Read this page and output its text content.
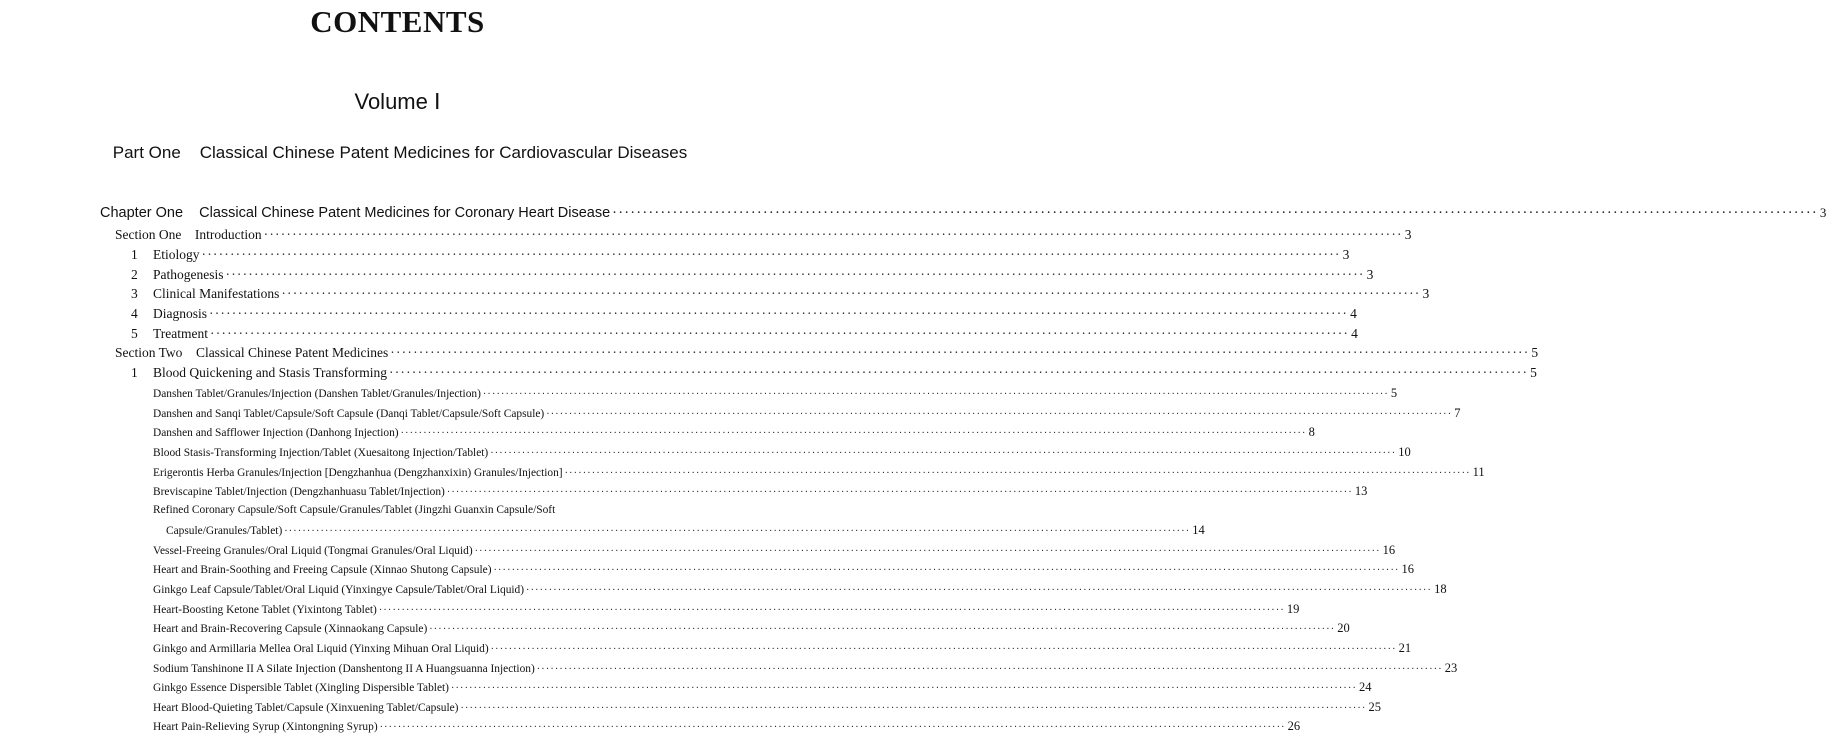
CONTENTS
Volume Ⅰ
Part One Classical Chinese Patent Medicines for Cardiovascular Diseases
Chapter One Classical Chinese Patent Medicines for Coronary Heart Disease ········································································································································································································ 3
Section One Introduction ········································································································································································································ 3
1 Etiology ········································································································································································································ 3
2 Pathogenesis ········································································································································································································ 3
3 Clinical Manifestations ········································································································································································································ 3
4 Diagnosis ········································································································································································································ 4
5 Treatment ········································································································································································································ 4
Section Two Classical Chinese Patent Medicines ········································································································································································································ 5
1 Blood Quickening and Stasis Transforming ········································································································································································································ 5
Danshen Tablet/Granules/Injection (Danshen Tablet/Granules/Injection) ········································································································································································································ 5
Danshen and Sanqi Tablet/Capsule/Soft Capsule (Danqi Tablet/Capsule/Soft Capsule) ········································································································································································································ 7
Danshen and Safflower Injection (Danhong Injection) ········································································································································································································ 8
Blood Stasis-Transforming Injection/Tablet (Xuesaitong Injection/Tablet) ········································································································································································································ 10
Erigerontis Herba Granules/Injection [Dengzhanhua (Dengzhanxixin) Granules/Injection] ········································································································································································································ 11
Breviscapine Tablet/Injection (Dengzhanhuasu Tablet/Injection) ········································································································································································································ 13
Refined Coronary Capsule/Soft Capsule/Granules/Tablet (Jingzhi Guanxin Capsule/Soft
Capsule/Granules/Tablet) ········································································································································································································ 14
Vessel-Freeing Granules/Oral Liquid (Tongmai Granules/Oral Liquid) ········································································································································································································ 16
Heart and Brain-Soothing and Freeing Capsule (Xinnao Shutong Capsule) ········································································································································································································ 16
Ginkgo Leaf Capsule/Tablet/Oral Liquid (Yinxingye Capsule/Tablet/Oral Liquid) ········································································································································································································ 18
Heart-Boosting Ketone Tablet (Yixintong Tablet) ········································································································································································································ 19
Heart and Brain-Recovering Capsule (Xinnaokang Capsule) ········································································································································································································ 20
Ginkgo and Armillaria Mellea Oral Liquid (Yinxing Mihuan Oral Liquid) ········································································································································································································ 21
Sodium Tanshinone II A Silate Injection (Danshentong II A Huangsuanna Injection) ········································································································································································································ 23
Ginkgo Essence Dispersible Tablet (Xingling Dispersible Tablet) ········································································································································································································ 24
Heart Blood-Quieting Tablet/Capsule (Xinxuening Tablet/Capsule) ········································································································································································································ 25
Heart Pain-Relieving Syrup (Xintongning Syrup) ········································································································································································································ 26
